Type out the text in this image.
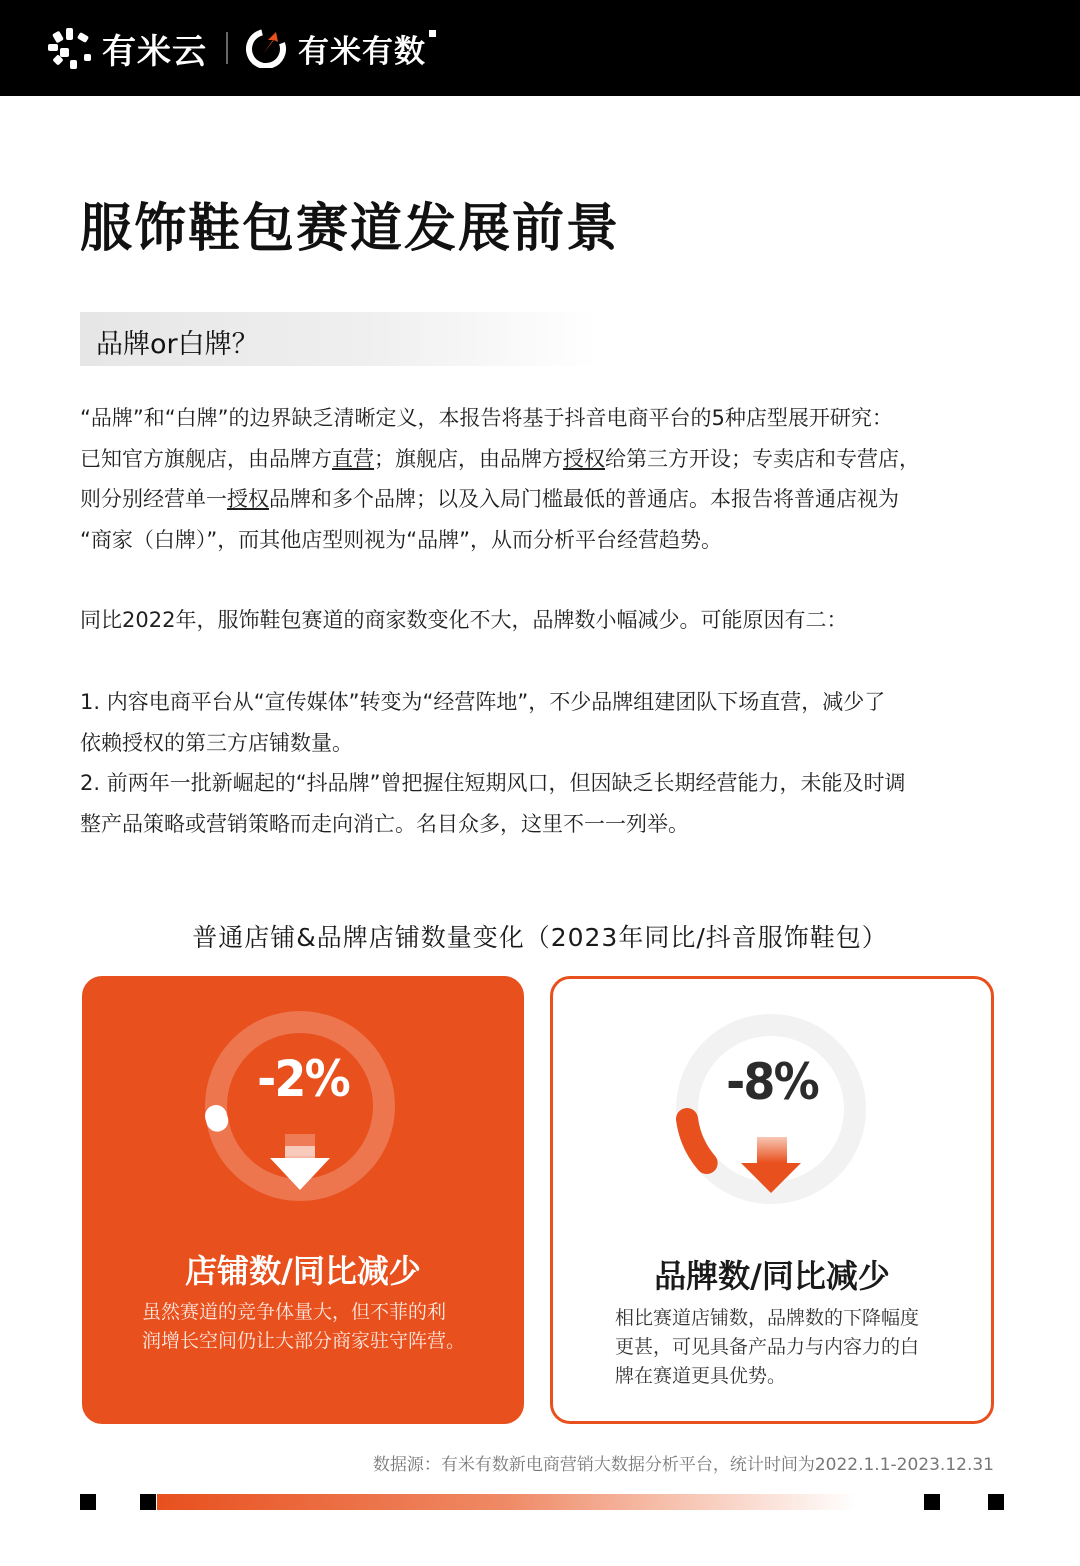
有米云	有米有数
服饰鞋包赛道发展前景
品牌or白牌？
“品牌”和“白牌”的边界缺乏清晰定义，本报告将基于抖音电商平台的5种店型展开研究：
已知官方旗舰店，由品牌方直营；旗舰店，由品牌方授权给第三方开设；专卖店和专营店，
则分别经营单一授权品牌和多个品牌；以及入局门槛最低的普通店。本报告将普通店视为
“商家（白牌）”，而其他店型则视为“品牌”，从而分析平台经营趋势。
同比2022年，服饰鞋包赛道的商家数变化不大，品牌数小幅减少。可能原因有二：
1. 内容电商平台从“宣传媒体”转变为“经营阵地”，不少品牌组建团队下场直营，减少了
依赖授权的第三方店铺数量。
2. 前两年一批新崛起的“抖品牌”曾把握住短期风口，但因缺乏长期经营能力，未能及时调
整产品策略或营销策略而走向消亡。名目众多，这里不一一列举。
普通店铺&品牌店铺数量变化（2023年同比/抖音服饰鞋包）
-2%
店铺数/同比减少
虽然赛道的竞争体量大，但不菲的利
润增长空间仍让大部分商家驻守阵营。
-8%
品牌数/同比减少
相比赛道店铺数，品牌数的下降幅度
更甚，可见具备产品力与内容力的白
牌在赛道更具优势。
数据源：有米有数新电商营销大数据分析平台，统计时间为2022.1.1-2023.12.31
